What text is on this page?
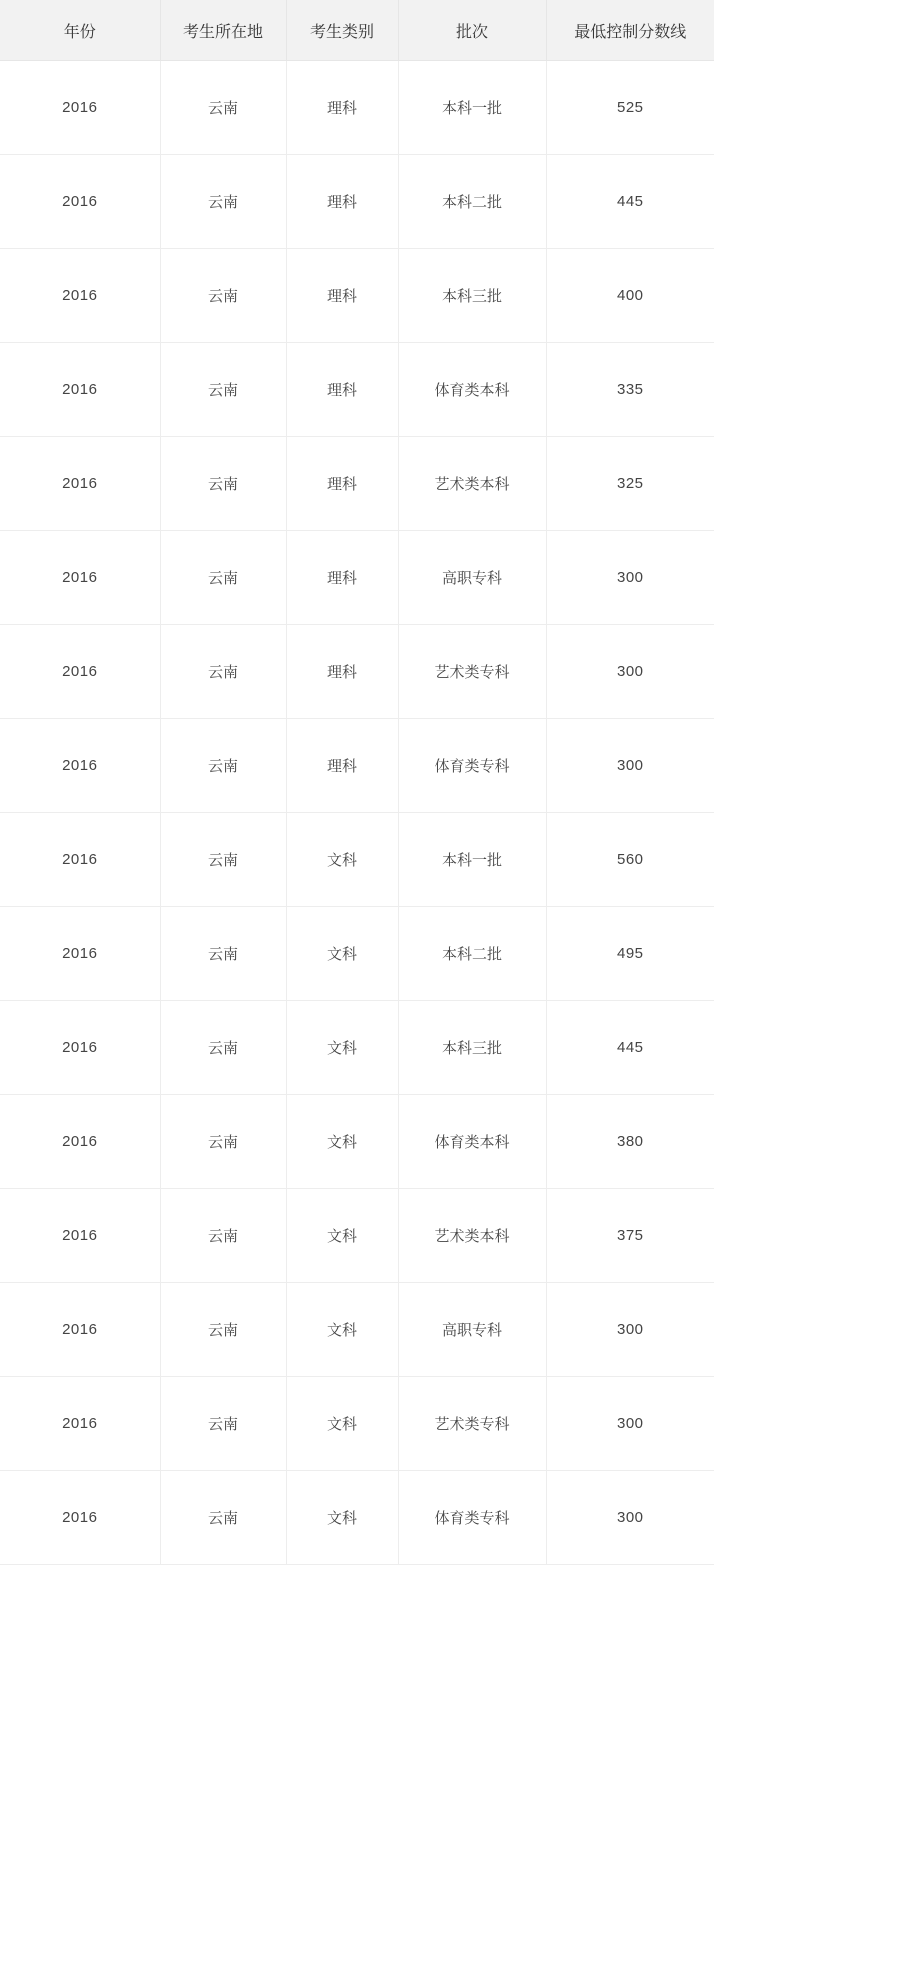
年份	考生所在地	考生类别	批次	最低控制分数线
2016	云南	理科	本科一批	525
2016	云南	理科	本科二批	445
2016	云南	理科	本科三批	400
2016	云南	理科	体育类本科	335
2016	云南	理科	艺术类本科	325
2016	云南	理科	高职专科	300
2016	云南	理科	艺术类专科	300
2016	云南	理科	体育类专科	300
2016	云南	文科	本科一批	560
2016	云南	文科	本科二批	495
2016	云南	文科	本科三批	445
2016	云南	文科	体育类本科	380
2016	云南	文科	艺术类本科	375
2016	云南	文科	高职专科	300
2016	云南	文科	艺术类专科	300
2016	云南	文科	体育类专科	300
